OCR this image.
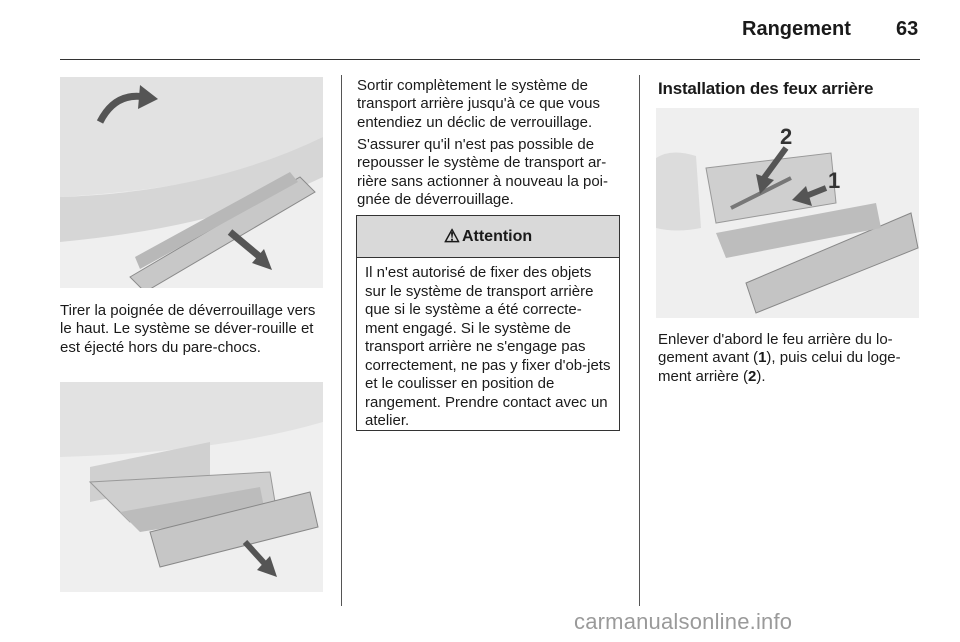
Rangement 63

Tirer la poignée de déverrouillage vers le haut. Le système se déver-rouille et est éjecté hors du pare-chocs.

Sortir complètement le système de transport arrière jusqu'à ce que vous entendiez un déclic de verrouillage.

S'assurer qu'il n'est pas possible de repousser le système de transport ar-rière sans actionner à nouveau la poi-gnée de déverrouillage.

⚠ Attention

Il n'est autorisé de fixer des objets sur le système de transport arrière que si le système a été correcte-ment engagé. Si le système de transport arrière ne s'engage pas correctement, ne pas y fixer d'ob-jets et le coulisser en position de rangement. Prendre contact avec un atelier.

Installation des feux arrière
2
1

Enlever d'abord le feu arrière du lo-gement avant (1), puis celui du loge-ment arrière (2).

carmanualsonline.info
